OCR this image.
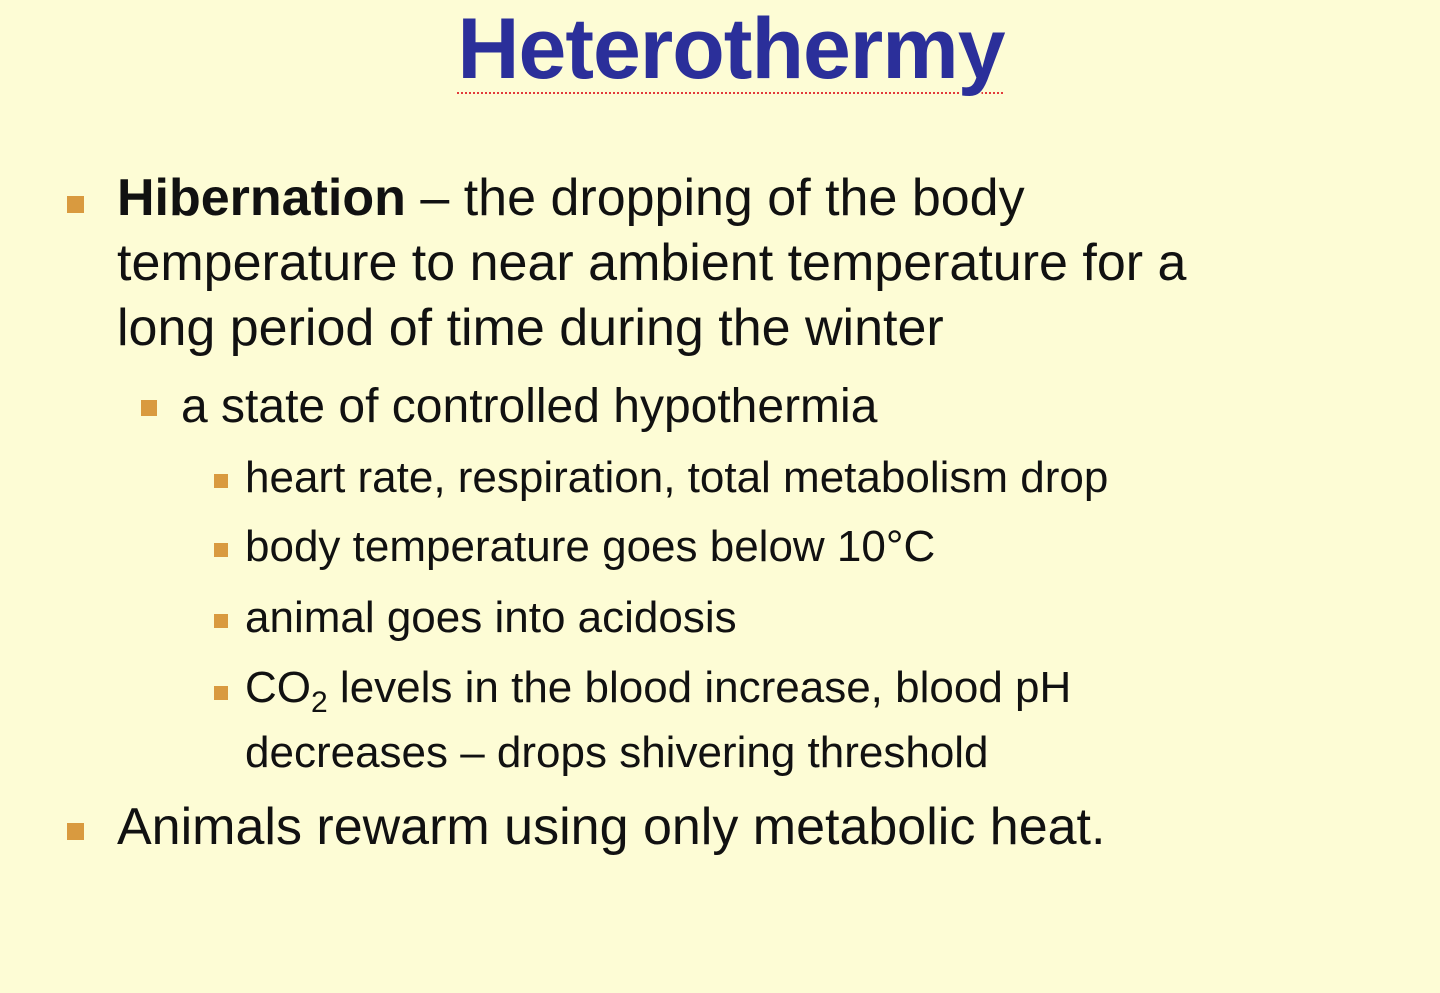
Heterothermy
Hibernation – the dropping of the body
temperature to near ambient temperature for a
long period of time during the winter
a state of controlled hypothermia
heart rate, respiration, total metabolism drop
body temperature goes below 10°C
animal goes into acidosis
$CO_2$ levels in the blood increase, blood pH
decreases – drops shivering threshold
Animals rewarm using only metabolic heat.
